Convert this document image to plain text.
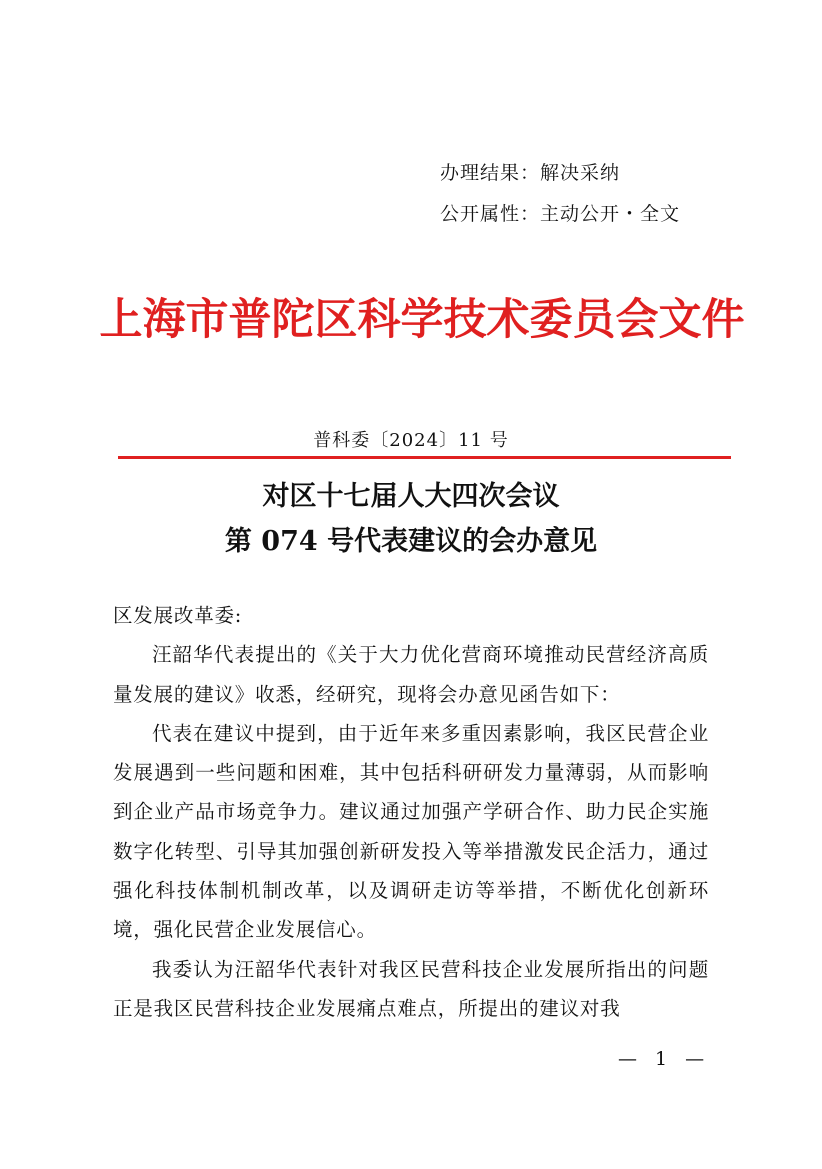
办理结果：解决采纳
公开属性：主动公开・全文
上海市普陀区科学技术委员会文件
普科委〔2024〕11 号
对区十七届人大四次会议
第 074 号代表建议的会办意见

区发展改革委:

汪韶华代表提出的《关于大力优化营商环境推动民营经济高质量发展的建议》收悉，经研究，现将会办意见函告如下：

代表在建议中提到，由于近年来多重因素影响，我区民营企业发展遇到一些问题和困难，其中包括科研研发力量薄弱，从而影响到企业产品市场竞争力。建议通过加强产学研合作、助力民企实施数字化转型、引导其加强创新研发投入等举措激发民企活力，通过强化科技体制机制改革，以及调研走访等举措，不断优化创新环境，强化民营企业发展信心。

我委认为汪韶华代表针对我区民营科技企业发展所指出的问题正是我区民营科技企业发展痛点难点，所提出的建议对我

— 1 —
